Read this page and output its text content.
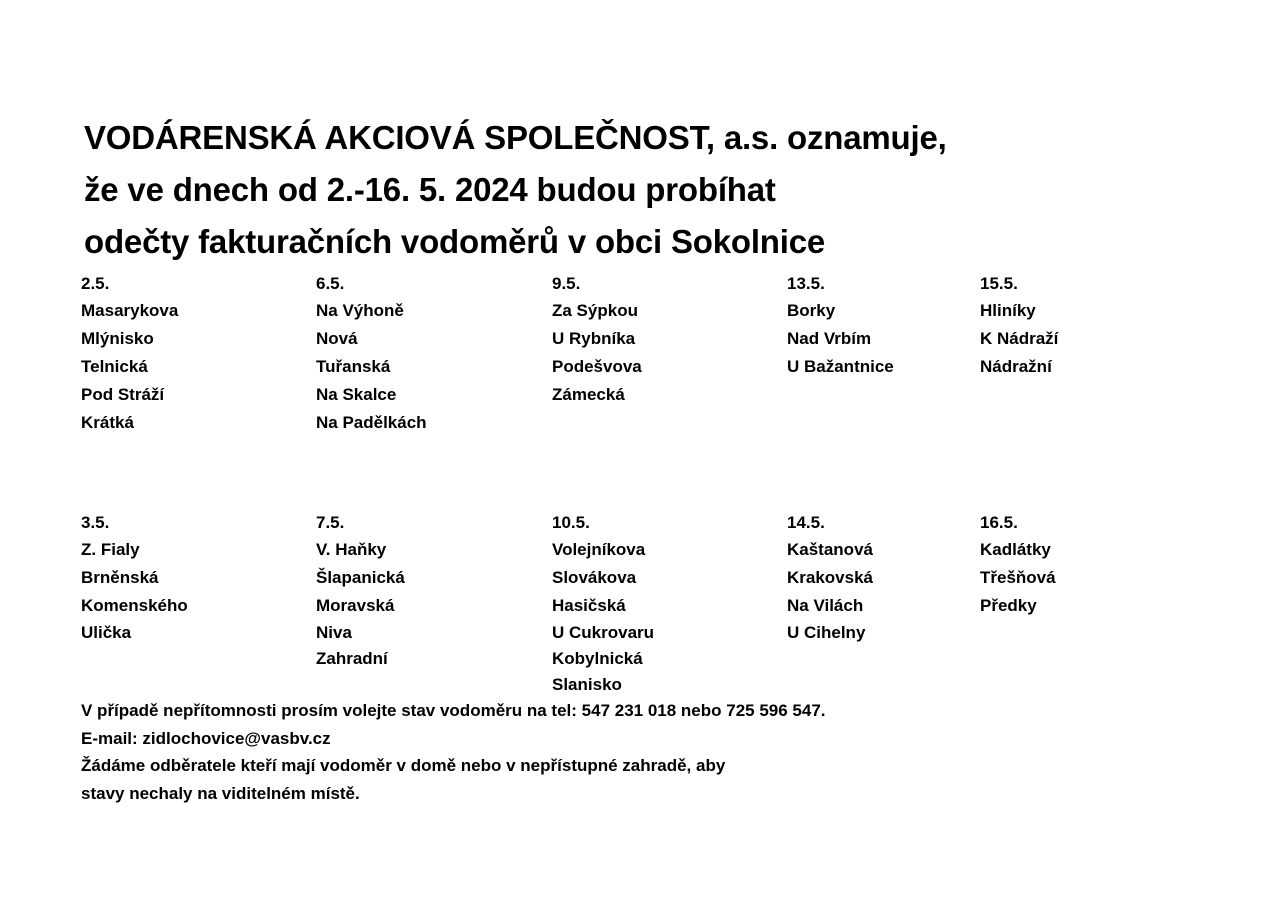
VODÁRENSKÁ AKCIOVÁ SPOLEČNOST, a.s. oznamuje,
že ve dnech od 2.-16. 5. 2024 budou probíhat
odečty fakturačních vodoměrů v obci Sokolnice
2.5.
Masarykova
Mlýnisko
Telnická
Pod Stráží
Krátká
6.5.
Na Výhoně
Nová
Tuřanská
Na Skalce
Na Padělkách
9.5.
Za Sýpkou
U Rybníka
Podešvova
Zámecká
13.5.
Borky
Nad Vrbím
U Bažantnice
15.5.
Hliníky
K Nádraží
Nádražní
3.5.
Z. Fialy
Brněnská
Komenského
Ulička
7.5.
V. Haňky
Šlapanická
Moravská
Niva
Zahradní
10.5.
Volejníkova
Slovákova
Hasičská
U Cukrovaru
Kobylnická
Slanisko
14.5.
Kaštanová
Krakovská
Na Vilách
U Cihelny
16.5.
Kadlátky
Třešňová
Předky
V případě nepřítomnosti prosím volejte stav vodoměru na tel: 547 231 018 nebo 725 596 547.
E-mail: zidlochovice@vasbv.cz
Žádáme odběratele kteří mají vodoměr v domě nebo v nepřístupné zahradě, aby
stavy nechaly na viditelném místě.
